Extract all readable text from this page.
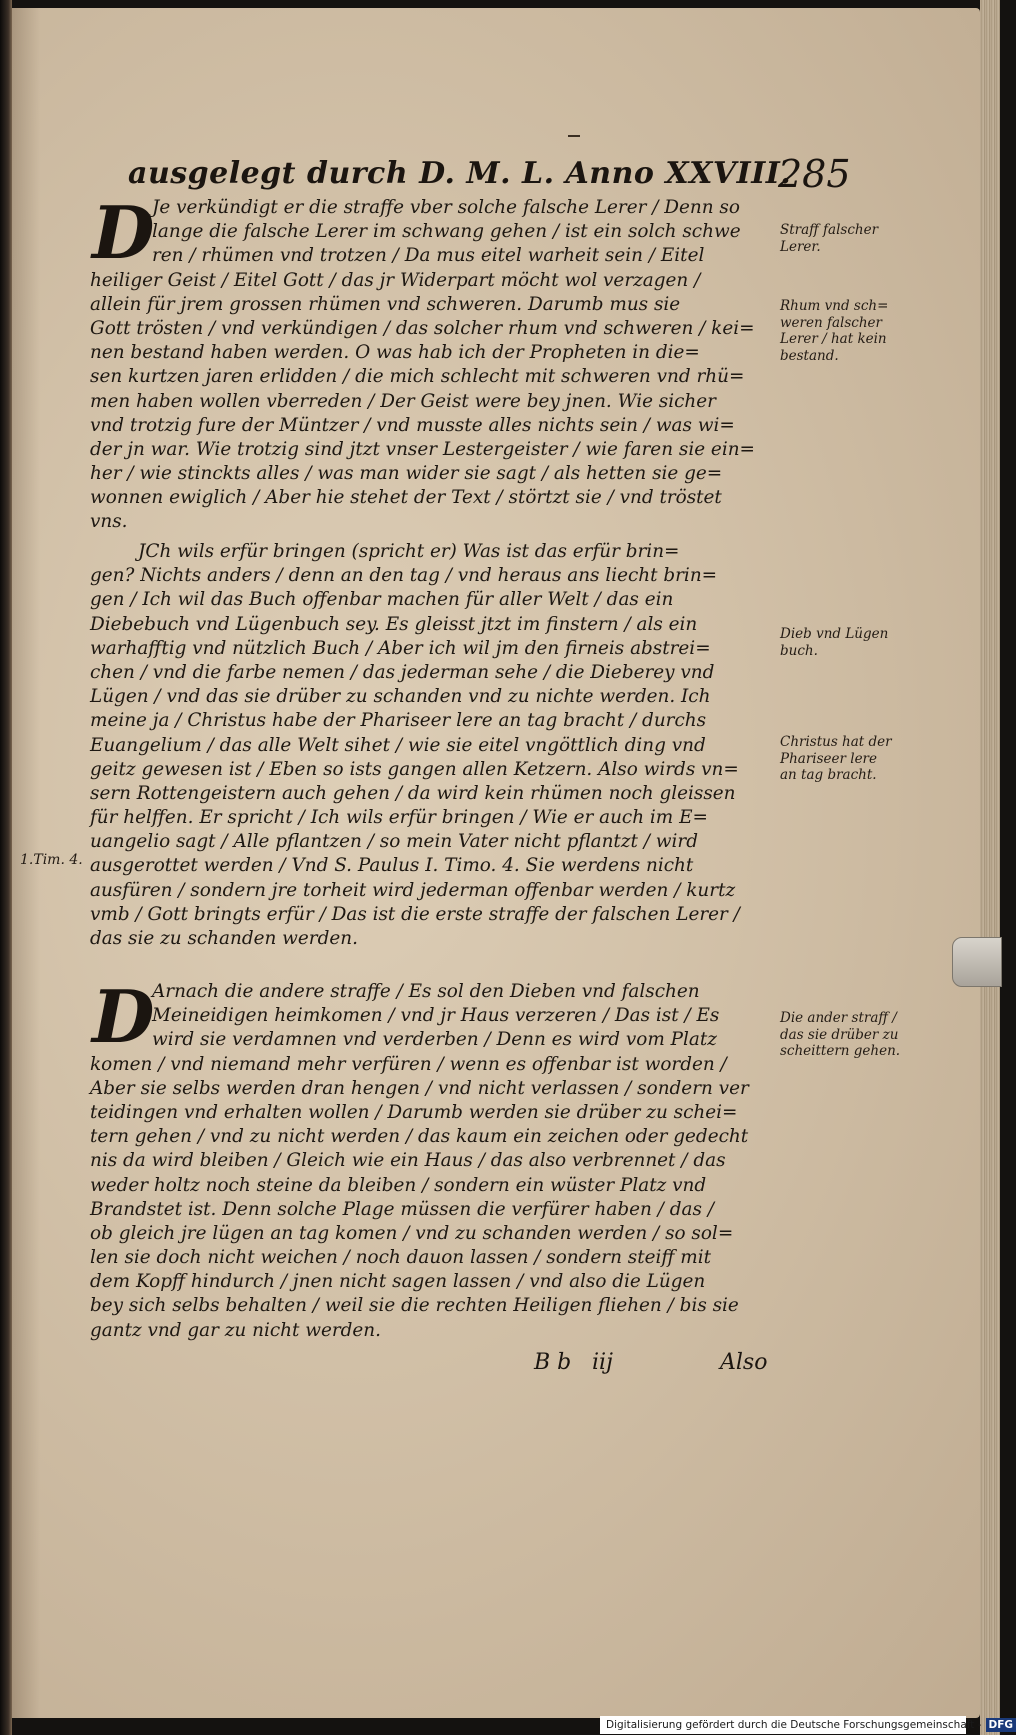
ausgelegt durch D. M. L. Anno XXVIII.
285
D
Je verkündigt er die straffe vber solche falsche Lerer / Denn so
lange die falsche Lerer im schwang gehen / ist ein solch schwe
ren / rhümen vnd trotzen / Da mus eitel warheit sein / Eitel
heiliger Geist / Eitel Gott / das jr Widerpart möcht wol verzagen /
allein für jrem grossen rhümen vnd schweren. Darumb mus sie
Gott trösten / vnd verkündigen / das solcher rhum vnd schweren / kei=
nen bestand haben werden. O was hab ich der Propheten in die=
sen kurtzen jaren erlidden / die mich schlecht mit schweren vnd rhü=
men haben wollen vberreden / Der Geist were bey jnen. Wie sicher
vnd trotzig fure der Müntzer / vnd musste alles nichts sein / was wi=
der jn war. Wie trotzig sind jtzt vnser Lestergeister / wie faren sie ein=
her / wie stinckts alles / was man wider sie sagt / als hetten sie ge=
wonnen ewiglich / Aber hie stehet der Text / störtzt sie / vnd tröstet
vns.
JCh wils erfür bringen (spricht er) Was ist das erfür brin=
gen? Nichts anders / denn an den tag / vnd heraus ans liecht brin=
gen / Ich wil das Buch offenbar machen für aller Welt / das ein
Diebebuch vnd Lügenbuch sey. Es gleisst jtzt im finstern / als ein
warhafftig vnd nützlich Buch / Aber ich wil jm den firneis abstrei=
chen / vnd die farbe nemen / das jederman sehe / die Dieberey vnd
Lügen / vnd das sie drüber zu schanden vnd zu nichte werden. Ich
meine ja / Christus habe der Phariseer lere an tag bracht / durchs
Euangelium / das alle Welt sihet / wie sie eitel vngöttlich ding vnd
geitz gewesen ist / Eben so ists gangen allen Ketzern. Also wirds vn=
sern Rottengeistern auch gehen / da wird kein rhümen noch gleissen
für helffen. Er spricht / Ich wils erfür bringen / Wie er auch im E=
uangelio sagt / Alle pflantzen / so mein Vater nicht pflantzt / wird
ausgerottet werden / Vnd S. Paulus I. Timo. 4. Sie werdens nicht
ausfüren / sondern jre torheit wird jederman offenbar werden / kurtz
vmb / Gott bringts erfür / Das ist die erste straffe der falschen Lerer /
das sie zu schanden werden.
D
Arnach die andere straffe / Es sol den Dieben vnd falschen
Meineidigen heimkomen / vnd jr Haus verzeren / Das ist / Es
wird sie verdamnen vnd verderben / Denn es wird vom Platz
komen / vnd niemand mehr verfüren / wenn es offenbar ist worden /
Aber sie selbs werden dran hengen / vnd nicht verlassen / sondern ver
teidingen vnd erhalten wollen / Darumb werden sie drüber zu schei=
tern gehen / vnd zu nicht werden / das kaum ein zeichen oder gedecht
nis da wird bleiben / Gleich wie ein Haus / das also verbrennet / das
weder holtz noch steine da bleiben / sondern ein wüster Platz vnd
Brandstet ist. Denn solche Plage müssen die verfürer haben / das /
ob gleich jre lügen an tag komen / vnd zu schanden werden / so sol=
len sie doch nicht weichen / noch dauon lassen / sondern steiff mit
dem Kopff hindurch / jnen nicht sagen lassen / vnd also die Lügen
bey sich selbs behalten / weil sie die rechten Heiligen fliehen / bis sie
gantz vnd gar zu nicht werden.
Straff falscher
Lerer.
Rhum vnd sch=
weren falscher
Lerer / hat kein
bestand.
Dieb vnd Lügen
buch.
Christus hat der
Phariseer lere
an tag bracht.
Die ander straff /
das sie drüber zu
scheittern gehen.
1.Tim. 4.
B b iij	Also
Digitalisierung gefördert durch die Deutsche Forschungsgemeinschaft - DFG
